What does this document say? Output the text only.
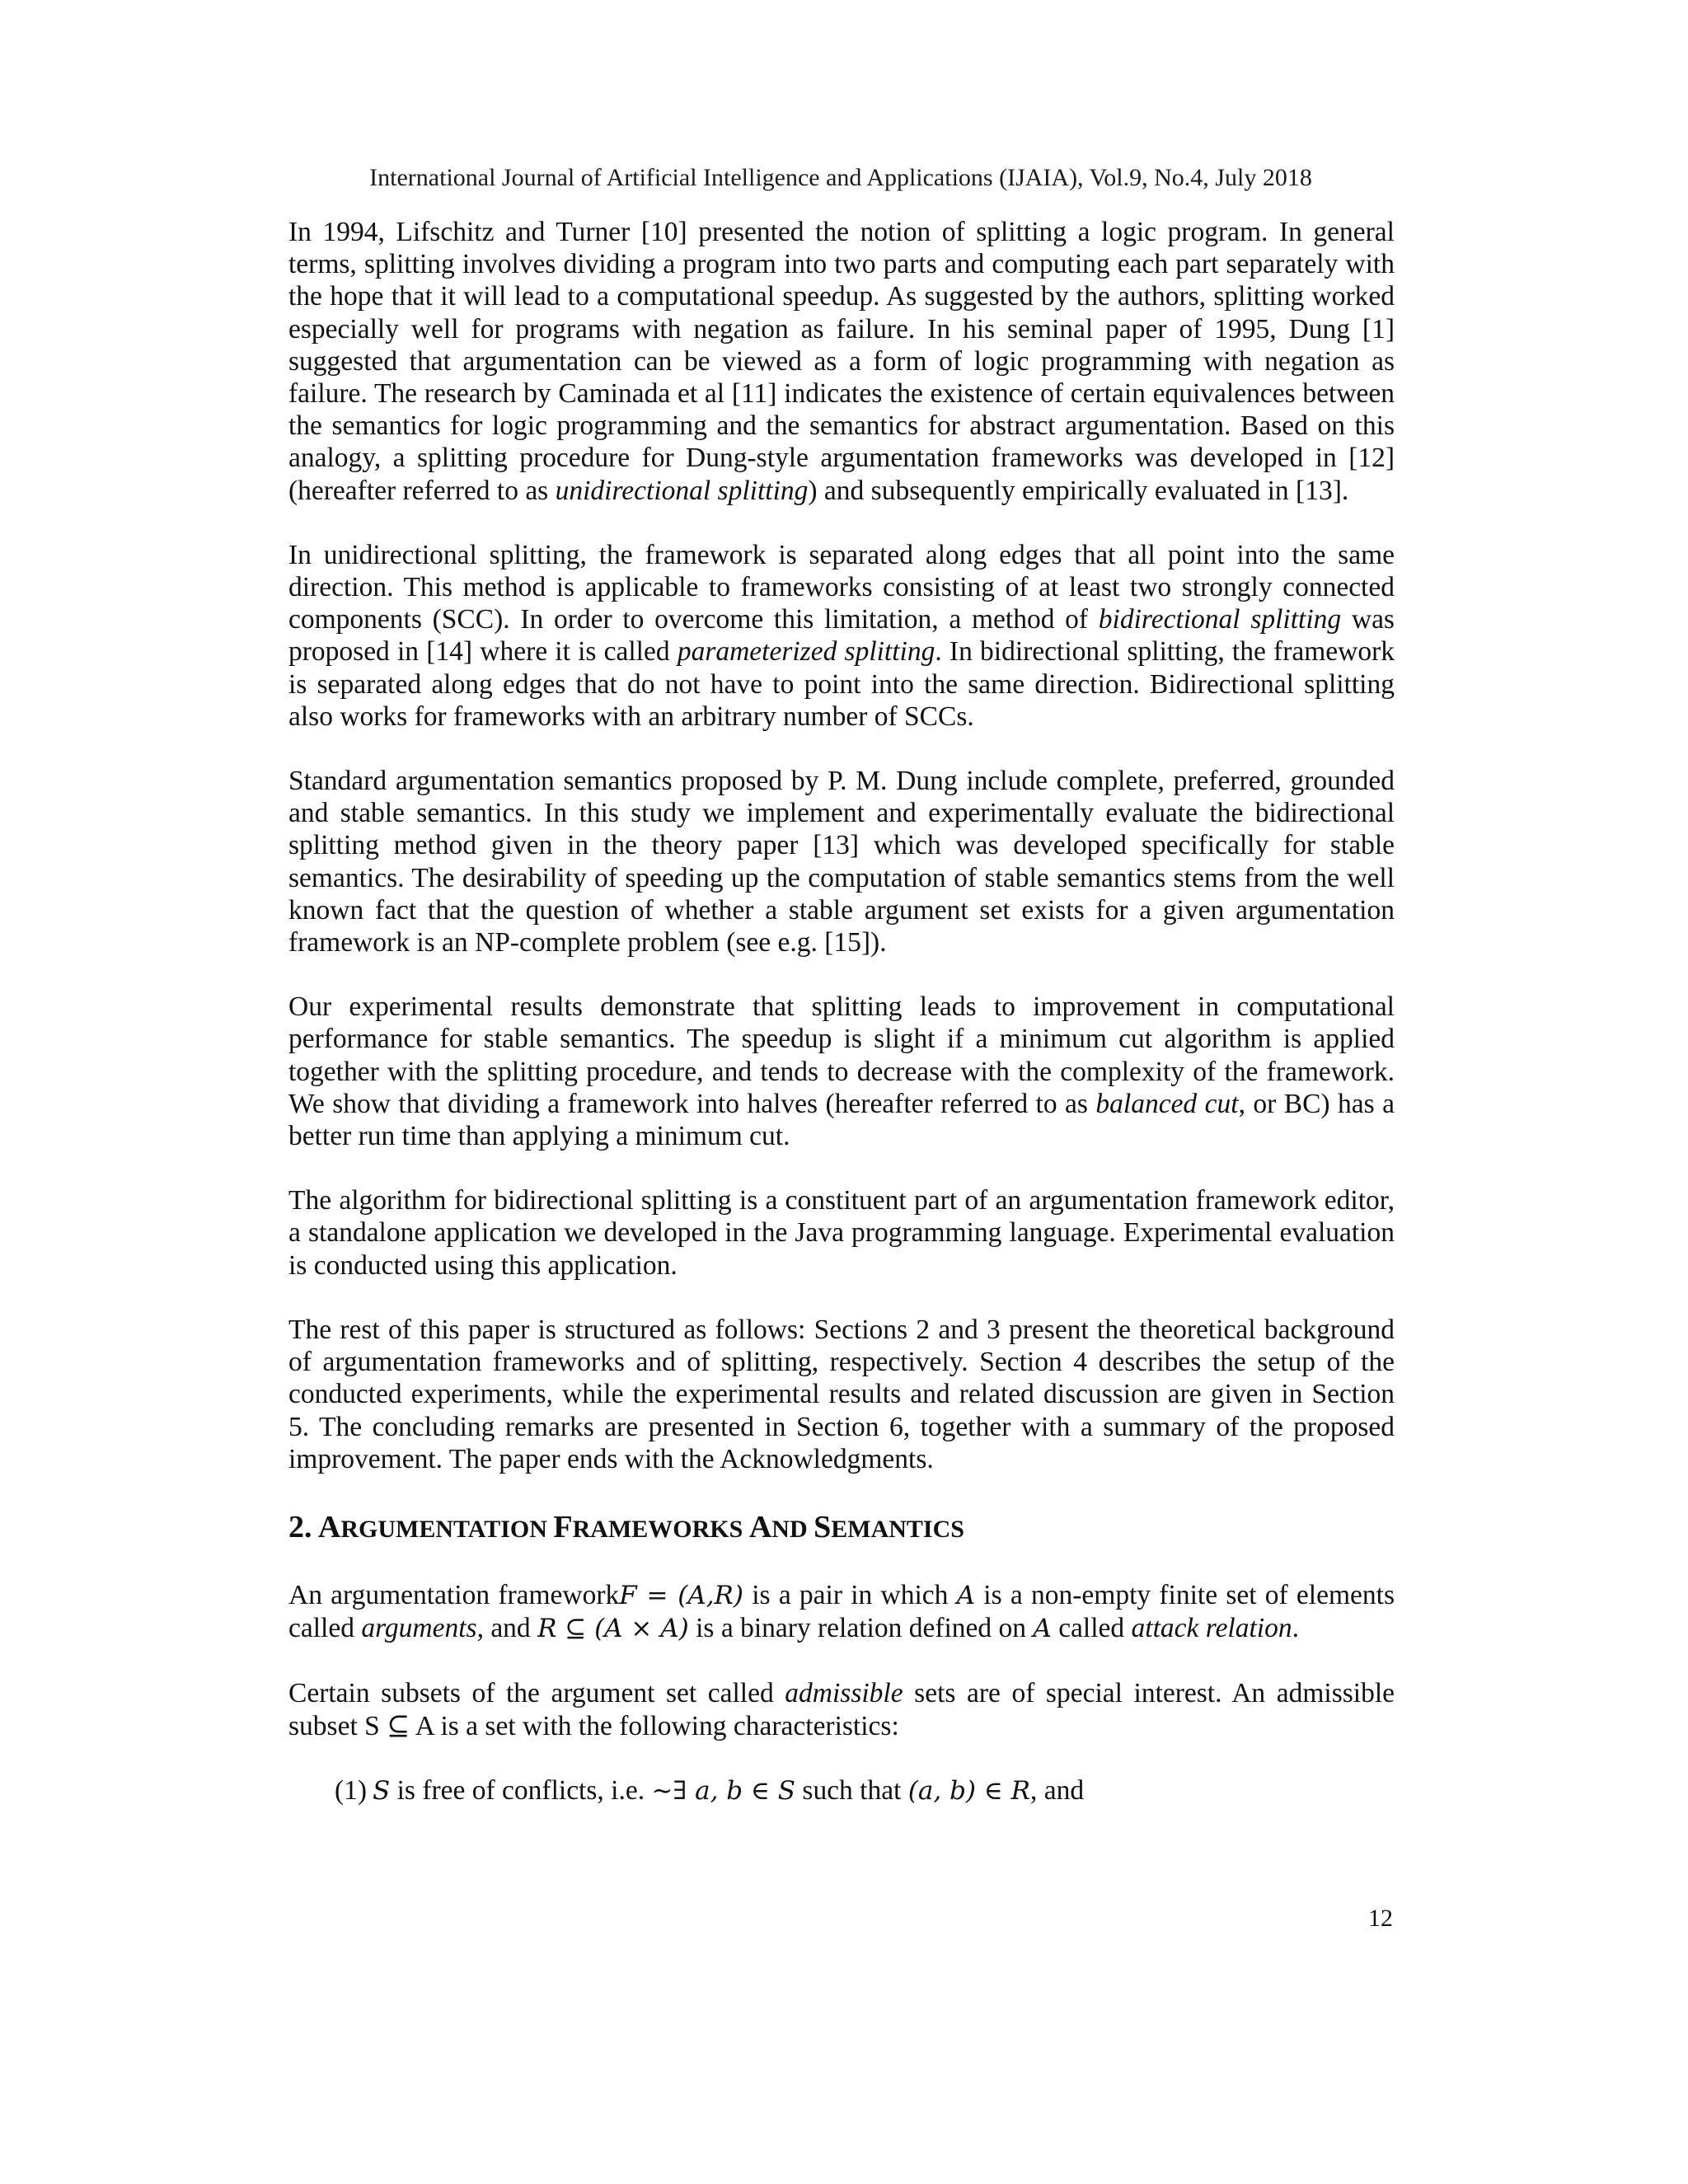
International Journal of Artificial Intelligence and Applications (IJAIA), Vol.9, No.4, July 2018

In 1994, Lifschitz and Turner [10] presented the notion of splitting a logic program. In general terms, splitting involves dividing a program into two parts and computing each part separately with the hope that it will lead to a computational speedup. As suggested by the authors, splitting worked especially well for programs with negation as failure. In his seminal paper of 1995, Dung [1] suggested that argumentation can be viewed as a form of logic programming with negation as failure. The research by Caminada et al [11] indicates the existence of certain equivalences between the semantics for logic programming and the semantics for abstract argumentation. Based on this analogy, a splitting procedure for Dung-style argumentation frameworks was developed in [12] (hereafter referred to as unidirectional splitting) and subsequently empirically evaluated in [13].

In unidirectional splitting, the framework is separated along edges that all point into the same direction. This method is applicable to frameworks consisting of at least two strongly connected components (SCC). In order to overcome this limitation, a method of bidirectional splitting was proposed in [14] where it is called parameterized splitting. In bidirectional splitting, the framework is separated along edges that do not have to point into the same direction. Bidirectional splitting also works for frameworks with an arbitrary number of SCCs.

Standard argumentation semantics proposed by P. M. Dung include complete, preferred, grounded and stable semantics. In this study we implement and experimentally evaluate the bidirectional splitting method given in the theory paper [13] which was developed specifically for stable semantics. The desirability of speeding up the computation of stable semantics stems from the well known fact that the question of whether a stable argument set exists for a given argumentation framework is an NP-complete problem (see e.g. [15]).

Our experimental results demonstrate that splitting leads to improvement in computational performance for stable semantics. The speedup is slight if a minimum cut algorithm is applied together with the splitting procedure, and tends to decrease with the complexity of the framework. We show that dividing a framework into halves (hereafter referred to as balanced cut, or BC) has a better run time than applying a minimum cut.

The algorithm for bidirectional splitting is a constituent part of an argumentation framework editor, a standalone application we developed in the Java programming language. Experimental evaluation is conducted using this application.

The rest of this paper is structured as follows: Sections 2 and 3 present the theoretical background of argumentation frameworks and of splitting, respectively. Section 4 describes the setup of the conducted experiments, while the experimental results and related discussion are given in Section 5. The concluding remarks are presented in Section 6, together with a summary of the proposed improvement. The paper ends with the Acknowledgments.

2. ARGUMENTATION FRAMEWORKS AND SEMANTICS

An argumentation frameworkF = (A,R) is a pair in which A is a non-empty finite set of elements called arguments, and R ⊆ (A × A) is a binary relation defined on A called attack relation.

Certain subsets of the argument set called admissible sets are of special interest. An admissible subset S ⊆ A is a set with the following characteristics:

(1) S is free of conflicts, i.e. ∼∃ a, b ∈ S such that (a, b) ∈ R, and
12
